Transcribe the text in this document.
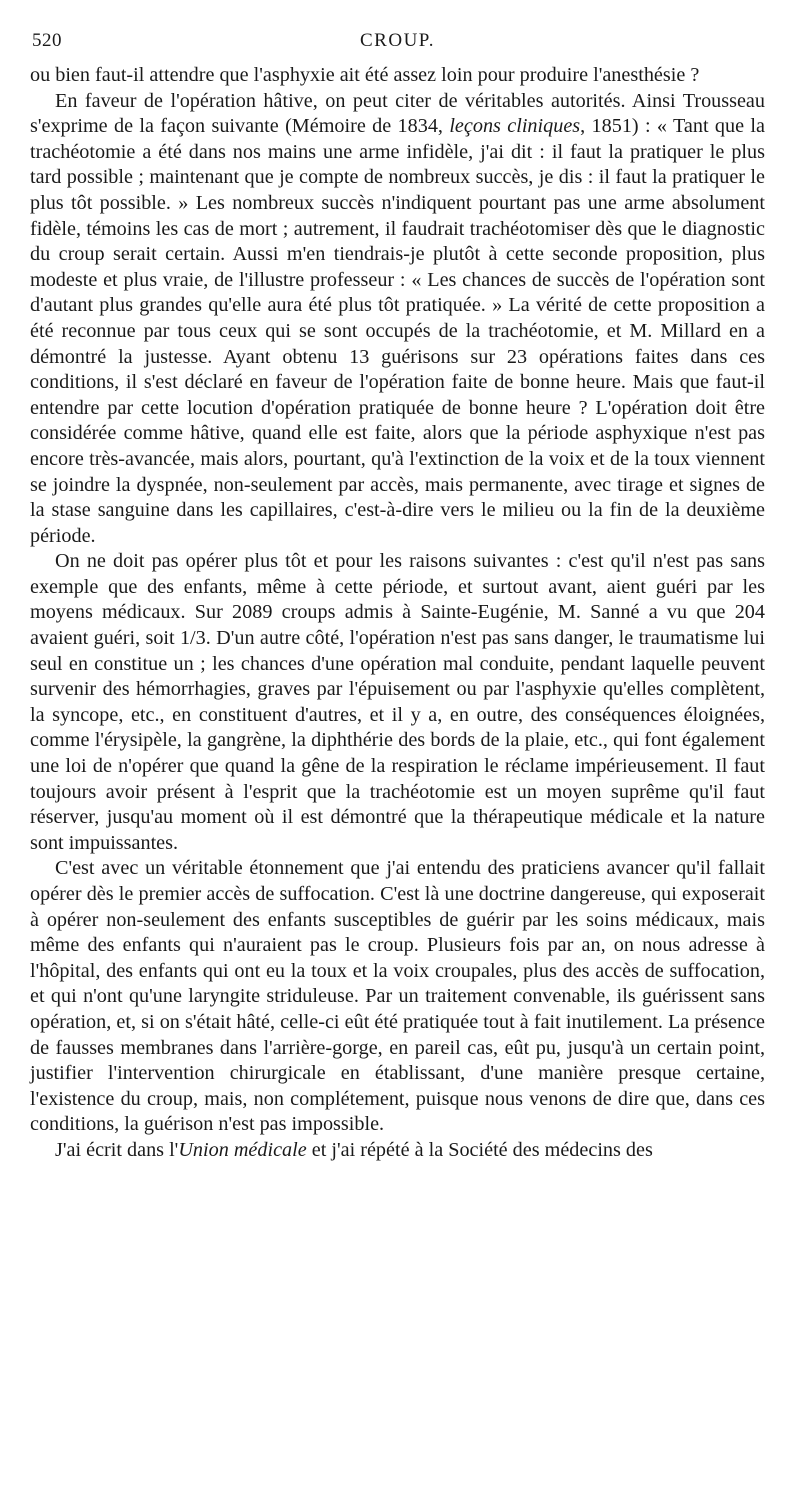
520	CROUP.

ou bien faut-il attendre que l'asphyxie ait été assez loin pour produire l'anesthésie ?

En faveur de l'opération hâtive, on peut citer de véritables autorités. Ainsi Trousseau s'exprime de la façon suivante (Mémoire de 1834, leçons cliniques, 1851) : « Tant que la trachéotomie a été dans nos mains une arme infidèle, j'ai dit : il faut la pratiquer le plus tard possible ; maintenant que je compte de nombreux succès, je dis : il faut la pratiquer le plus tôt possible. » Les nombreux succès n'indiquent pourtant pas une arme absolument fidèle, témoins les cas de mort ; autrement, il faudrait trachéotomiser dès que le diagnostic du croup serait certain. Aussi m'en tiendrais-je plutôt à cette seconde proposition, plus modeste et plus vraie, de l'illustre professeur : « Les chances de succès de l'opération sont d'autant plus grandes qu'elle aura été plus tôt pratiquée. » La vérité de cette proposition a été reconnue par tous ceux qui se sont occupés de la trachéotomie, et M. Millard en a démontré la justesse. Ayant obtenu 13 guérisons sur 23 opérations faites dans ces conditions, il s'est déclaré en faveur de l'opération faite de bonne heure. Mais que faut-il entendre par cette locution d'opération pratiquée de bonne heure ? L'opération doit être considérée comme hâtive, quand elle est faite, alors que la période asphyxique n'est pas encore très-avancée, mais alors, pourtant, qu'à l'extinction de la voix et de la toux viennent se joindre la dyspnée, non-seulement par accès, mais permanente, avec tirage et signes de la stase sanguine dans les capillaires, c'est-à-dire vers le milieu ou la fin de la deuxième période.

On ne doit pas opérer plus tôt et pour les raisons suivantes : c'est qu'il n'est pas sans exemple que des enfants, même à cette période, et surtout avant, aient guéri par les moyens médicaux. Sur 2089 croups admis à Sainte-Eugénie, M. Sanné a vu que 204 avaient guéri, soit 1/3. D'un autre côté, l'opération n'est pas sans danger, le traumatisme lui seul en constitue un ; les chances d'une opération mal conduite, pendant laquelle peuvent survenir des hémorrhagies, graves par l'épuisement ou par l'asphyxie qu'elles complètent, la syncope, etc., en constituent d'autres, et il y a, en outre, des conséquences éloignées, comme l'érysipèle, la gangrène, la diphthérie des bords de la plaie, etc., qui font également une loi de n'opérer que quand la gêne de la respiration le réclame impérieusement. Il faut toujours avoir présent à l'esprit que la trachéotomie est un moyen suprême qu'il faut réserver, jusqu'au moment où il est démontré que la thérapeutique médicale et la nature sont impuissantes.

C'est avec un véritable étonnement que j'ai entendu des praticiens avancer qu'il fallait opérer dès le premier accès de suffocation. C'est là une doctrine dangereuse, qui exposerait à opérer non-seulement des enfants susceptibles de guérir par les soins médicaux, mais même des enfants qui n'auraient pas le croup. Plusieurs fois par an, on nous adresse à l'hôpital, des enfants qui ont eu la toux et la voix croupales, plus des accès de suffocation, et qui n'ont qu'une laryngite striduleuse. Par un traitement convenable, ils guérissent sans opération, et, si on s'était hâté, celle-ci eût été pratiquée tout à fait inutilement. La présence de fausses membranes dans l'arrière-gorge, en pareil cas, eût pu, jusqu'à un certain point, justifier l'intervention chirurgicale en établissant, d'une manière presque certaine, l'existence du croup, mais, non complétement, puisque nous venons de dire que, dans ces conditions, la guérison n'est pas impossible.

J'ai écrit dans l'Union médicale et j'ai répété à la Société des médecins des
